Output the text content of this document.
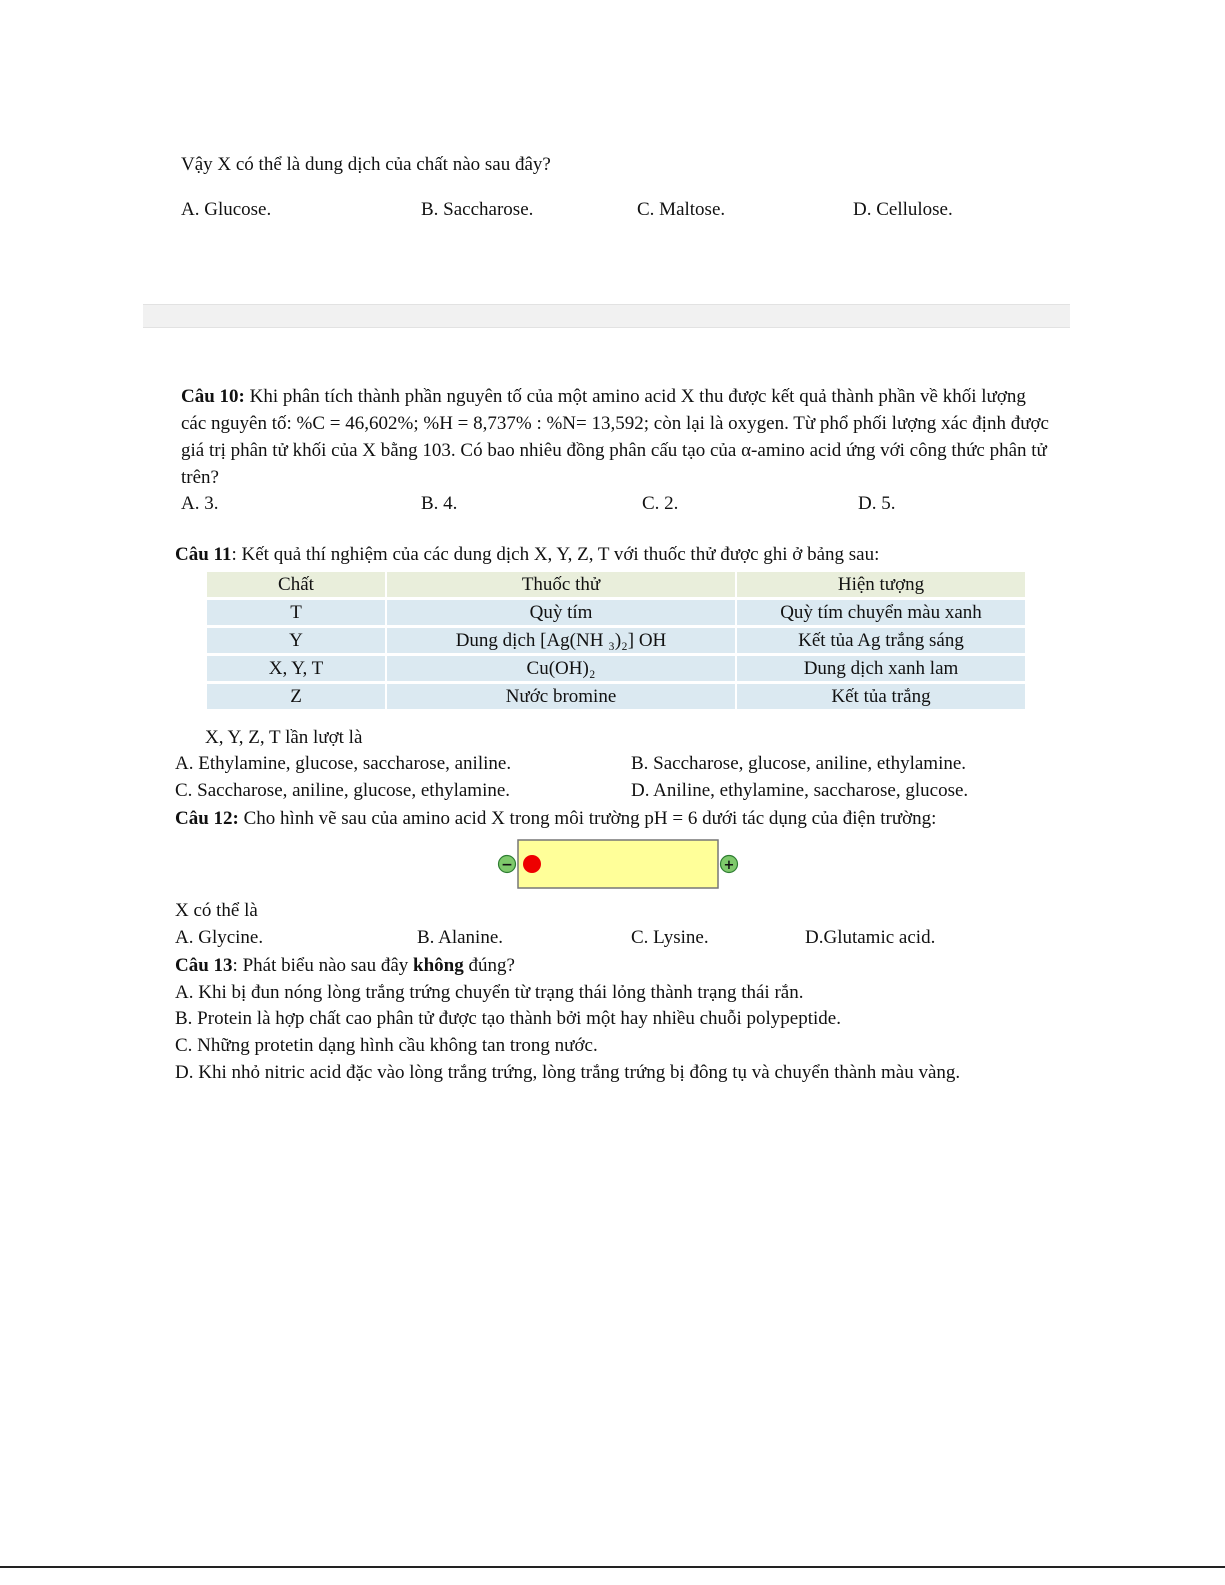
Vậy X có thể là dung dịch của chất nào sau đây?
A. Glucose.	B. Saccharose.	C. Maltose.	D. Cellulose.
Câu 10: Khi phân tích thành phần nguyên tố của một amino acid X thu được kết quả thành phần về khối lượng các nguyên tố: %C = 46,602%; %H = 8,737% : %N= 13,592; còn lại là oxygen. Từ phổ phối lượng xác định được giá trị phân tử khối của X bằng 103. Có bao nhiêu đồng phân cấu tạo của α-amino acid ứng với công thức phân tử trên?
A. 3.	B. 4.	C. 2.	D. 5.
Câu 11: Kết quả thí nghiệm của các dung dịch X, Y, Z, T với thuốc thử được ghi ở bảng sau:
Chất	Thuốc thử	Hiện tượng
T	Quỳ tím	Quỳ tím chuyển màu xanh
Y	Dung dịch [Ag(NH ₃)₂] OH	Kết tủa Ag trắng sáng
X, Y, T	Cu(OH)₂	Dung dịch xanh lam
Z	Nước bromine	Kết tủa trắng
X, Y, Z, T lần lượt là
A. Ethylamine, glucose, saccharose, aniline.	B. Saccharose, glucose, aniline, ethylamine.
C. Saccharose, aniline, glucose, ethylamine.	D. Aniline, ethylamine, saccharose, glucose.
Câu 12: Cho hình vẽ sau của amino acid X trong môi trường pH = 6 dưới tác dụng của điện trường:
−	+
X có thể là
A. Glycine.	B. Alanine.	C. Lysine.	D.Glutamic acid.
Câu 13: Phát biểu nào sau đây không đúng?
A. Khi bị đun nóng lòng trắng trứng chuyển từ trạng thái lỏng thành trạng thái rắn.
B. Protein là hợp chất cao phân tử được tạo thành bởi một hay nhiều chuỗi polypeptide.
C. Những protetin dạng hình cầu không tan trong nước.
D. Khi nhỏ nitric acid đặc vào lòng trắng trứng, lòng trắng trứng bị đông tụ và chuyển thành màu vàng.
